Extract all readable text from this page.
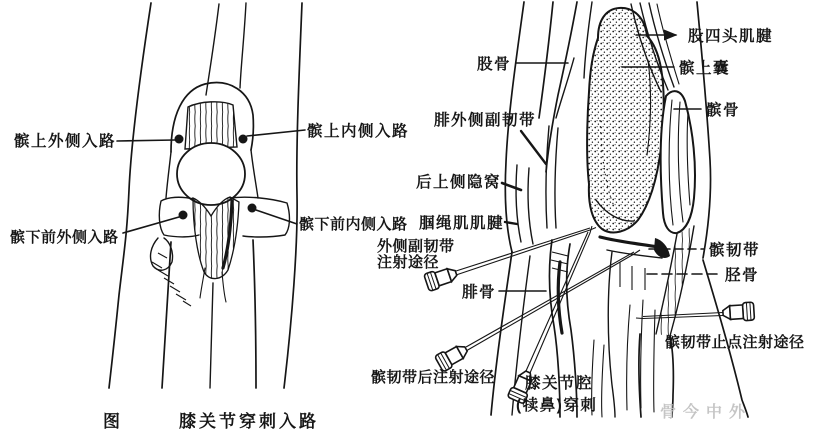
髌上外侧入路
髌上内侧入路
髌下前外侧入路
髌下前内侧入路
股骨
股四头肌腱
髌上囊
髌骨
腓外侧副韧带
后上侧隐窝
腘绳肌肌腱
外侧副韧带
注射途径
腓骨
髌韧带
胫骨
髌韧带止点注射途径
髌韧带后注射途径 膝关节腔
(犊鼻)穿刺
图	膝关节穿刺入路	骨今中外
